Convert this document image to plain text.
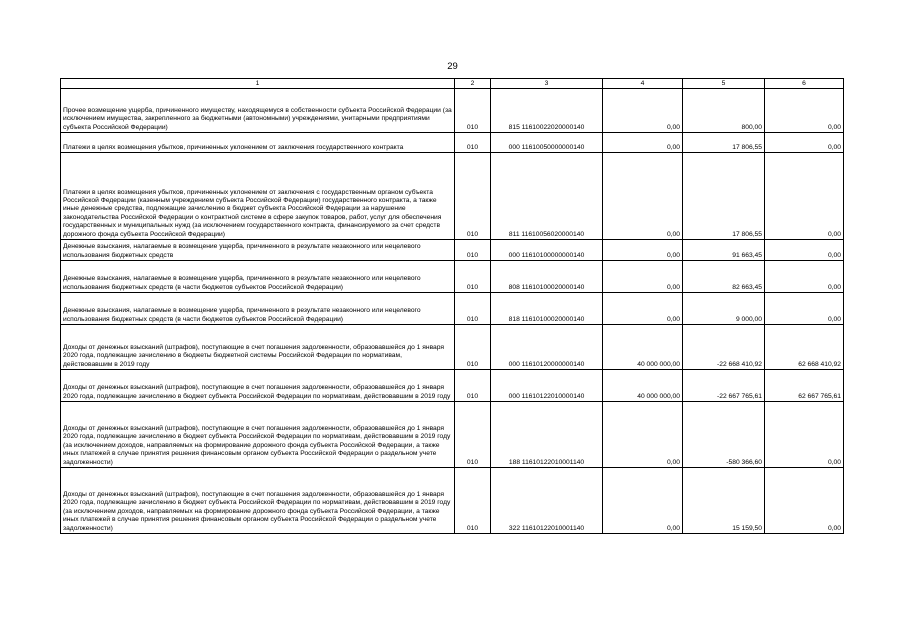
29
1	2	3	4	5	6
Прочее возмещение ущерба, причиненного имуществу, находящемуся в собственности субъекта Российской Федерации (за исключением имущества, закрепленного за бюджетными (автономными) учреждениями, унитарными предприятиями субъекта Российской Федерации)	010	815 11610022020000140	0,00	800,00	0,00
Платежи в целях возмещения убытков, причиненных уклонением от заключения государственного контракта	010	000 11610050000000140	0,00	17 806,55	0,00
Платежи в целях возмещения убытков, причиненных уклонением от заключения с государственным органом субъекта Российской Федерации (казенным учреждением субъекта Российской Федерации) государственного контракта, а также иные денежные средства, подлежащие зачислению в бюджет субъекта Российской Федерации за нарушение законодательства Российской Федерации о контрактной системе в сфере закупок товаров, работ, услуг для обеспечения государственных и муниципальных нужд (за исключением государственного контракта, финансируемого за счет средств дорожного фонда субъекта Российской Федерации)	010	811 11610056020000140	0,00	17 806,55	0,00
Денежные взыскания, налагаемые в возмещение ущерба, причиненного в результате незаконного или нецелевого использования бюджетных средств	010	000 11610100000000140	0,00	91 663,45	0,00
Денежные взыскания, налагаемые в возмещение ущерба, причиненного в результате незаконного или нецелевого использования бюджетных средств (в части бюджетов субъектов Российской Федерации)	010	808 11610100020000140	0,00	82 663,45	0,00
Денежные взыскания, налагаемые в возмещение ущерба, причиненного в результате незаконного или нецелевого использования бюджетных средств (в части бюджетов субъектов Российской Федерации)	010	818 11610100020000140	0,00	9 000,00	0,00
Доходы от денежных взысканий (штрафов), поступающие в счет погашения задолженности, образовавшейся до 1 января 2020 года, подлежащие зачислению в бюджеты бюджетной системы Российской Федерации по нормативам, действовавшим в 2019 году	010	000 11610120000000140	40 000 000,00	-22 668 410,92	62 668 410,92
Доходы от денежных взысканий (штрафов), поступающие в счет погашения задолженности, образовавшейся до 1 января 2020 года, подлежащие зачислению в бюджет субъекта Российской Федерации по нормативам, действовавшим в 2019 году	010	000 11610122010000140	40 000 000,00	-22 667 765,61	62 667 765,61
Доходы от денежных взысканий (штрафов), поступающие в счет погашения задолженности, образовавшейся до 1 января 2020 года, подлежащие зачислению в бюджет субъекта Российской Федерации по нормативам, действовавшим в 2019 году (за исключением доходов, направляемых на формирование дорожного фонда субъекта Российской Федерации, а также иных платежей в случае принятия решения финансовым органом субъекта Российской Федерации о раздельном учете задолженности)	010	188 11610122010001140	0,00	-580 366,60	0,00
Доходы от денежных взысканий (штрафов), поступающие в счет погашения задолженности, образовавшейся до 1 января 2020 года, подлежащие зачислению в бюджет субъекта Российской Федерации по нормативам, действовавшим в 2019 году (за исключением доходов, направляемых на формирование дорожного фонда субъекта Российской Федерации, а также иных платежей в случае принятия решения финансовым органом субъекта Российской Федерации о раздельном учете задолженности)	010	322 11610122010001140	0,00	15 159,50	0,00
